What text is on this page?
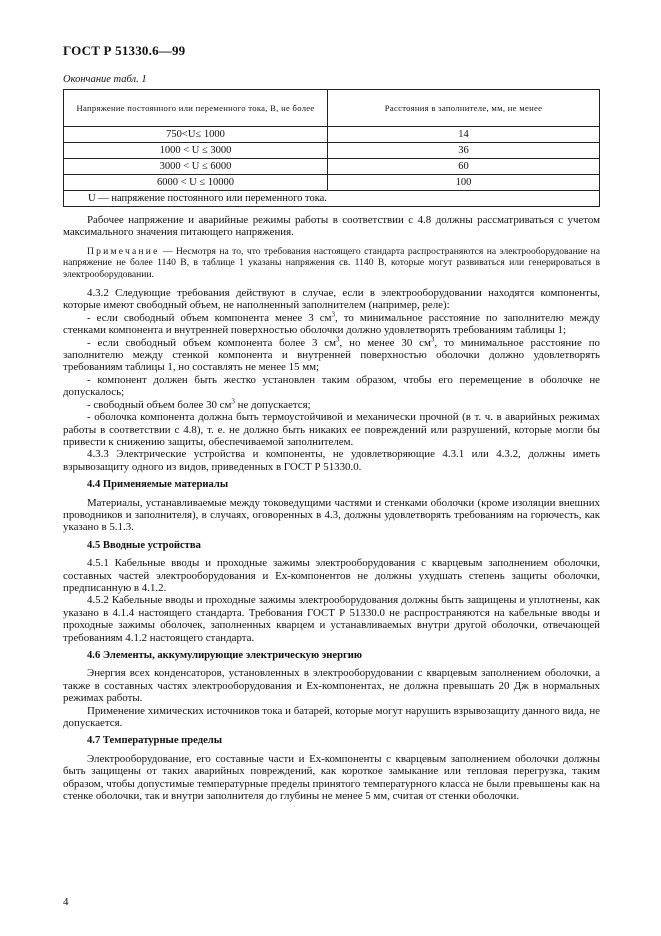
ГОСТ Р 51330.6—99
Окончание табл. 1
Напряжение постоянного или переменного тока, В, не более	Расстояния в заполнителе, мм, не менее
750<U≤ 1000	14
1000 < U ≤ 3000	36
3000 < U ≤ 6000	60
6000 < U ≤ 10000	100
U — напряжение постоянного или переменного тока.	

Рабочее напряжение и аварийные режимы работы в соответствии с 4.8 должны рассматриваться с учетом максимального значения питающего напряжения.

Примечание — Несмотря на то, что требования настоящего стандарта распространяются на электрооборудование на напряжение не более 1140 В, в таблице 1 указаны напряжения св. 1140 В, которые могут развиваться или генерироваться в электрооборудовании.

4.3.2 Следующие требования действуют в случае, если в электрооборудовании находятся компоненты, которые имеют свободный объем, не наполненный заполнителем (например, реле):

- если свободный объем компонента менее 3 $см^3$, то минимальное расстояние по заполнителю между стенками компонента и внутренней поверхностью оболочки должно удовлетворять требованиям таблицы 1;

- если свободный объем компонента более 3 $см^3$, но менее 30 $см^3$, то минимальное расстояние по заполнителю между стенкой компонента и внутренней поверхностью оболочки должно удовлетворять требованиям таблицы 1, но составлять не менее 15 мм;

- компонент должен быть жестко установлен таким образом, чтобы его перемещение в оболочке не допускалось;

- свободный объем более 30 $см^3$ не допускается;

- оболочка компонента должна быть термоустойчивой и механически прочной (в т. ч. в аварийных режимах работы в соответствии с 4.8), т. е. не должно быть никаких ее повреждений или разрушений, которые могли бы привести к снижению защиты, обеспечиваемой заполнителем.

4.3.3 Электрические устройства и компоненты, не удовлетворяющие 4.3.1 или 4.3.2, должны иметь взрывозащиту одного из видов, приведенных в ГОСТ Р 51330.0.

4.4 Применяемые материалы

Материалы, устанавливаемые между токоведущими частями и стенками оболочки (кроме изоляции внешних проводников и заполнителя), в случаях, оговоренных в 4.3, должны удовлетворять требованиям на горючесть, как указано в 5.1.3.

4.5 Вводные устройства

4.5.1 Кабельные вводы и проходные зажимы электрооборудования с кварцевым заполнением оболочки, составных частей электрооборудования и Ех-компонентов не должны ухудшать степень защиты оболочки, предписанную в 4.1.2.

4.5.2 Кабельные вводы и проходные зажимы электрооборудования должны быть защищены и уплотнены, как указано в 4.1.4 настоящего стандарта. Требования ГОСТ Р 51330.0 не распространяются на кабельные вводы и проходные зажимы оболочек, заполненных кварцем и устанавливаемых внутри другой оболочки, отвечающей требованиям 4.1.2 настоящего стандарта.

4.6 Элементы, аккумулирующие электрическую энергию

Энергия всех конденсаторов, установленных в электрооборудовании с кварцевым заполнением оболочки, а также в составных частях электрооборудования и Ех-компонентах, не должна превышать 20 Дж в нормальных режимах работы.

Применение химических источников тока и батарей, которые могут нарушить взрывозащиту данного вида, не допускается.

4.7 Температурные пределы

Электрооборудование, его составные части и Ех-компоненты с кварцевым заполнением оболочки должны быть защищены от таких аварийных повреждений, как короткое замыкание или тепловая перегрузка, таким образом, чтобы допустимые температурные пределы принятого температурного класса не были превышены как на стенке оболочки, так и внутри заполнителя до глубины не менее 5 мм, считая от стенки оболочки.

4
